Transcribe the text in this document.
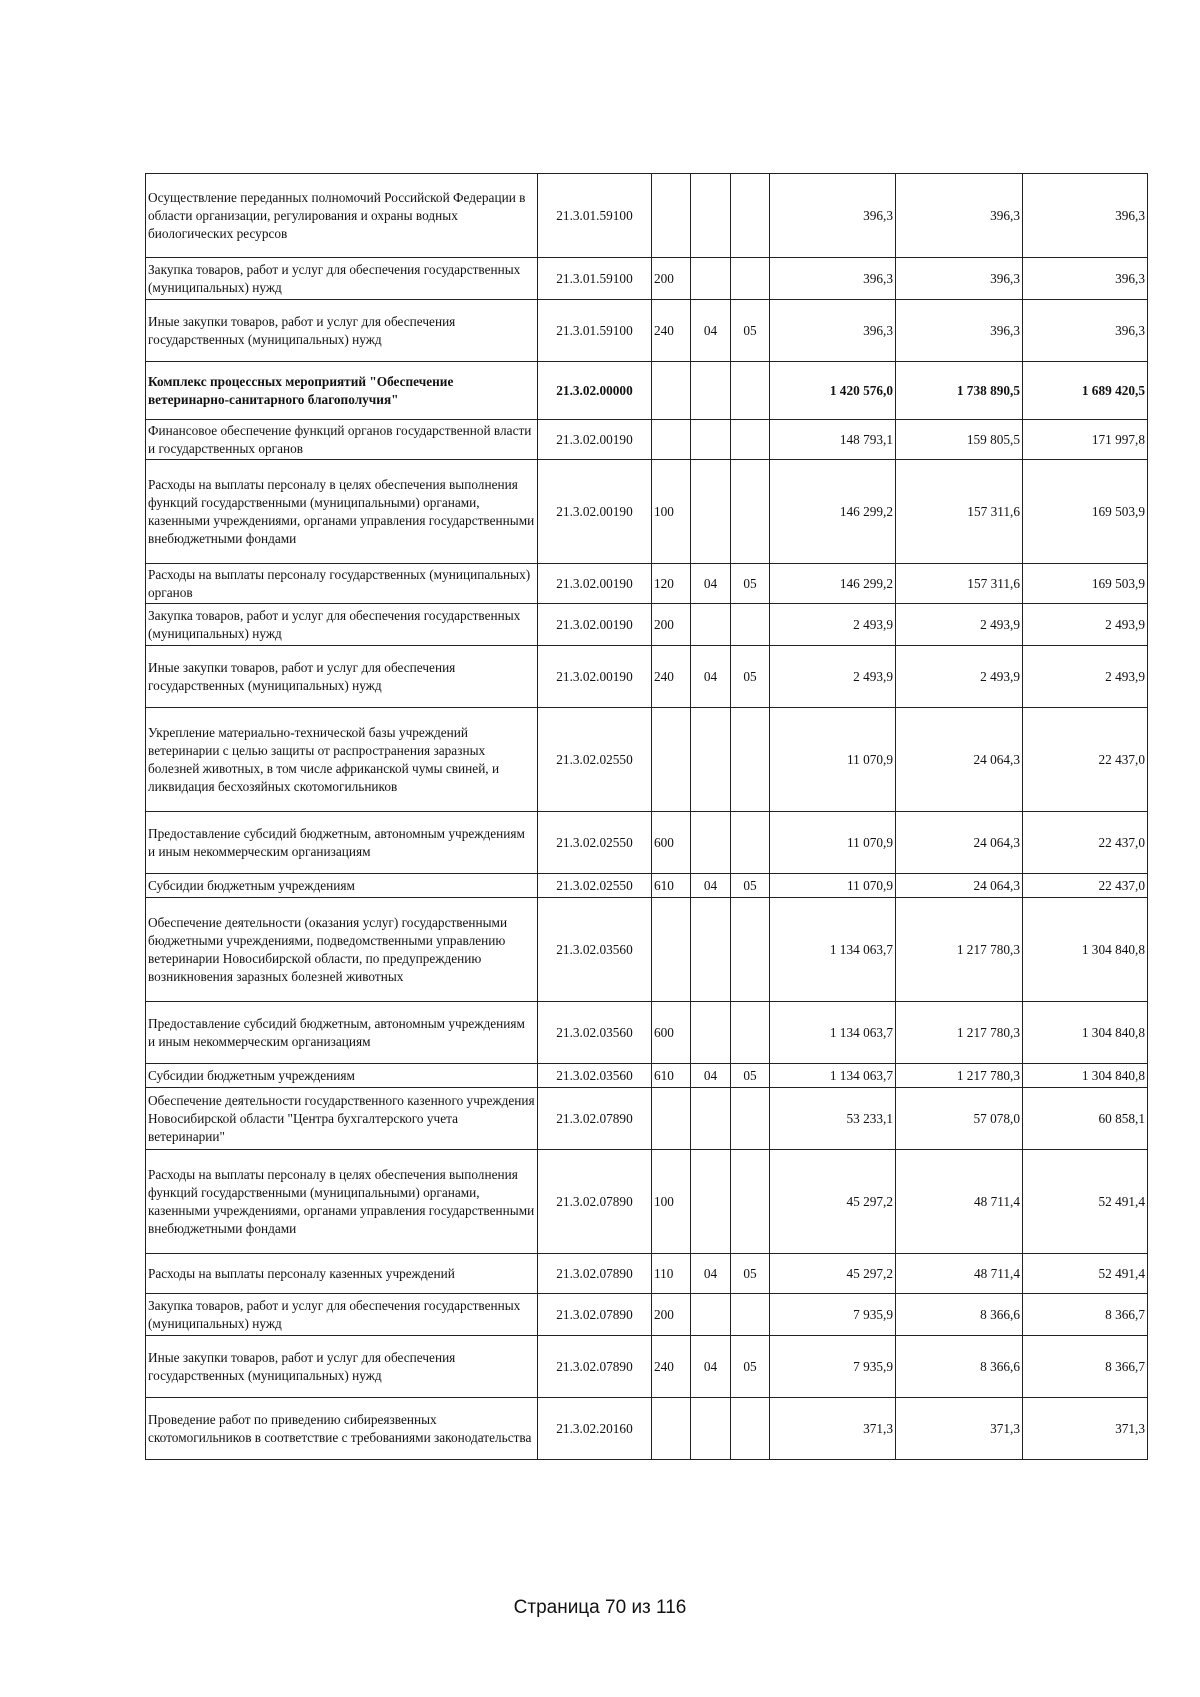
Осуществление переданных полномочий Российской Федерации в области организации, регулирования и охраны водных биологических ресурсов	21.3.01.59100				396,3	396,3	396,3
Закупка товаров, работ и услуг для обеспечения государственных (муниципальных) нужд	21.3.01.59100	200			396,3	396,3	396,3
Иные закупки товаров, работ и услуг для обеспечения государственных (муниципальных) нужд	21.3.01.59100	240	04	05	396,3	396,3	396,3
Комплекс процессных мероприятий "Обеспечение ветеринарно-санитарного благополучия"	21.3.02.00000				1 420 576,0	1 738 890,5	1 689 420,5
Финансовое обеспечение функций органов государственной власти и государственных органов	21.3.02.00190				148 793,1	159 805,5	171 997,8
Расходы на выплаты персоналу в целях обеспечения выполнения функций государственными (муниципальными) органами, казенными учреждениями, органами управления государственными внебюджетными фондами	21.3.02.00190	100			146 299,2	157 311,6	169 503,9
Расходы на выплаты персоналу государственных (муниципальных) органов	21.3.02.00190	120	04	05	146 299,2	157 311,6	169 503,9
Закупка товаров, работ и услуг для обеспечения государственных (муниципальных) нужд	21.3.02.00190	200			2 493,9	2 493,9	2 493,9
Иные закупки товаров, работ и услуг для обеспечения государственных (муниципальных) нужд	21.3.02.00190	240	04	05	2 493,9	2 493,9	2 493,9
Укрепление материально-технической базы учреждений ветеринарии с целью защиты от распространения заразных болезней животных, в том числе африканской чумы свиней, и ликвидация бесхозяйных скотомогильников	21.3.02.02550				11 070,9	24 064,3	22 437,0
Предоставление субсидий бюджетным, автономным учреждениям и иным некоммерческим организациям	21.3.02.02550	600			11 070,9	24 064,3	22 437,0
Субсидии бюджетным учреждениям	21.3.02.02550	610	04	05	11 070,9	24 064,3	22 437,0
Обеспечение деятельности (оказания услуг) государственными бюджетными учреждениями, подведомственными управлению ветеринарии Новосибирской области, по предупреждению возникновения заразных болезней животных	21.3.02.03560				1 134 063,7	1 217 780,3	1 304 840,8
Предоставление субсидий бюджетным, автономным учреждениям и иным некоммерческим организациям	21.3.02.03560	600			1 134 063,7	1 217 780,3	1 304 840,8
Субсидии бюджетным учреждениям	21.3.02.03560	610	04	05	1 134 063,7	1 217 780,3	1 304 840,8
Обеспечение деятельности государственного казенного учреждения Новосибирской области "Центра бухгалтерского учета ветеринарии"	21.3.02.07890				53 233,1	57 078,0	60 858,1
Расходы на выплаты персоналу в целях обеспечения выполнения функций государственными (муниципальными) органами, казенными учреждениями, органами управления государственными внебюджетными фондами	21.3.02.07890	100			45 297,2	48 711,4	52 491,4
Расходы на выплаты персоналу казенных учреждений	21.3.02.07890	110	04	05	45 297,2	48 711,4	52 491,4
Закупка товаров, работ и услуг для обеспечения государственных (муниципальных) нужд	21.3.02.07890	200			7 935,9	8 366,6	8 366,7
Иные закупки товаров, работ и услуг для обеспечения государственных (муниципальных) нужд	21.3.02.07890	240	04	05	7 935,9	8 366,6	8 366,7
Проведение работ по приведению сибиреязвенных скотомогильников в соответствие с требованиями законодательства	21.3.02.20160				371,3	371,3	371,3
Страница 70 из 116
